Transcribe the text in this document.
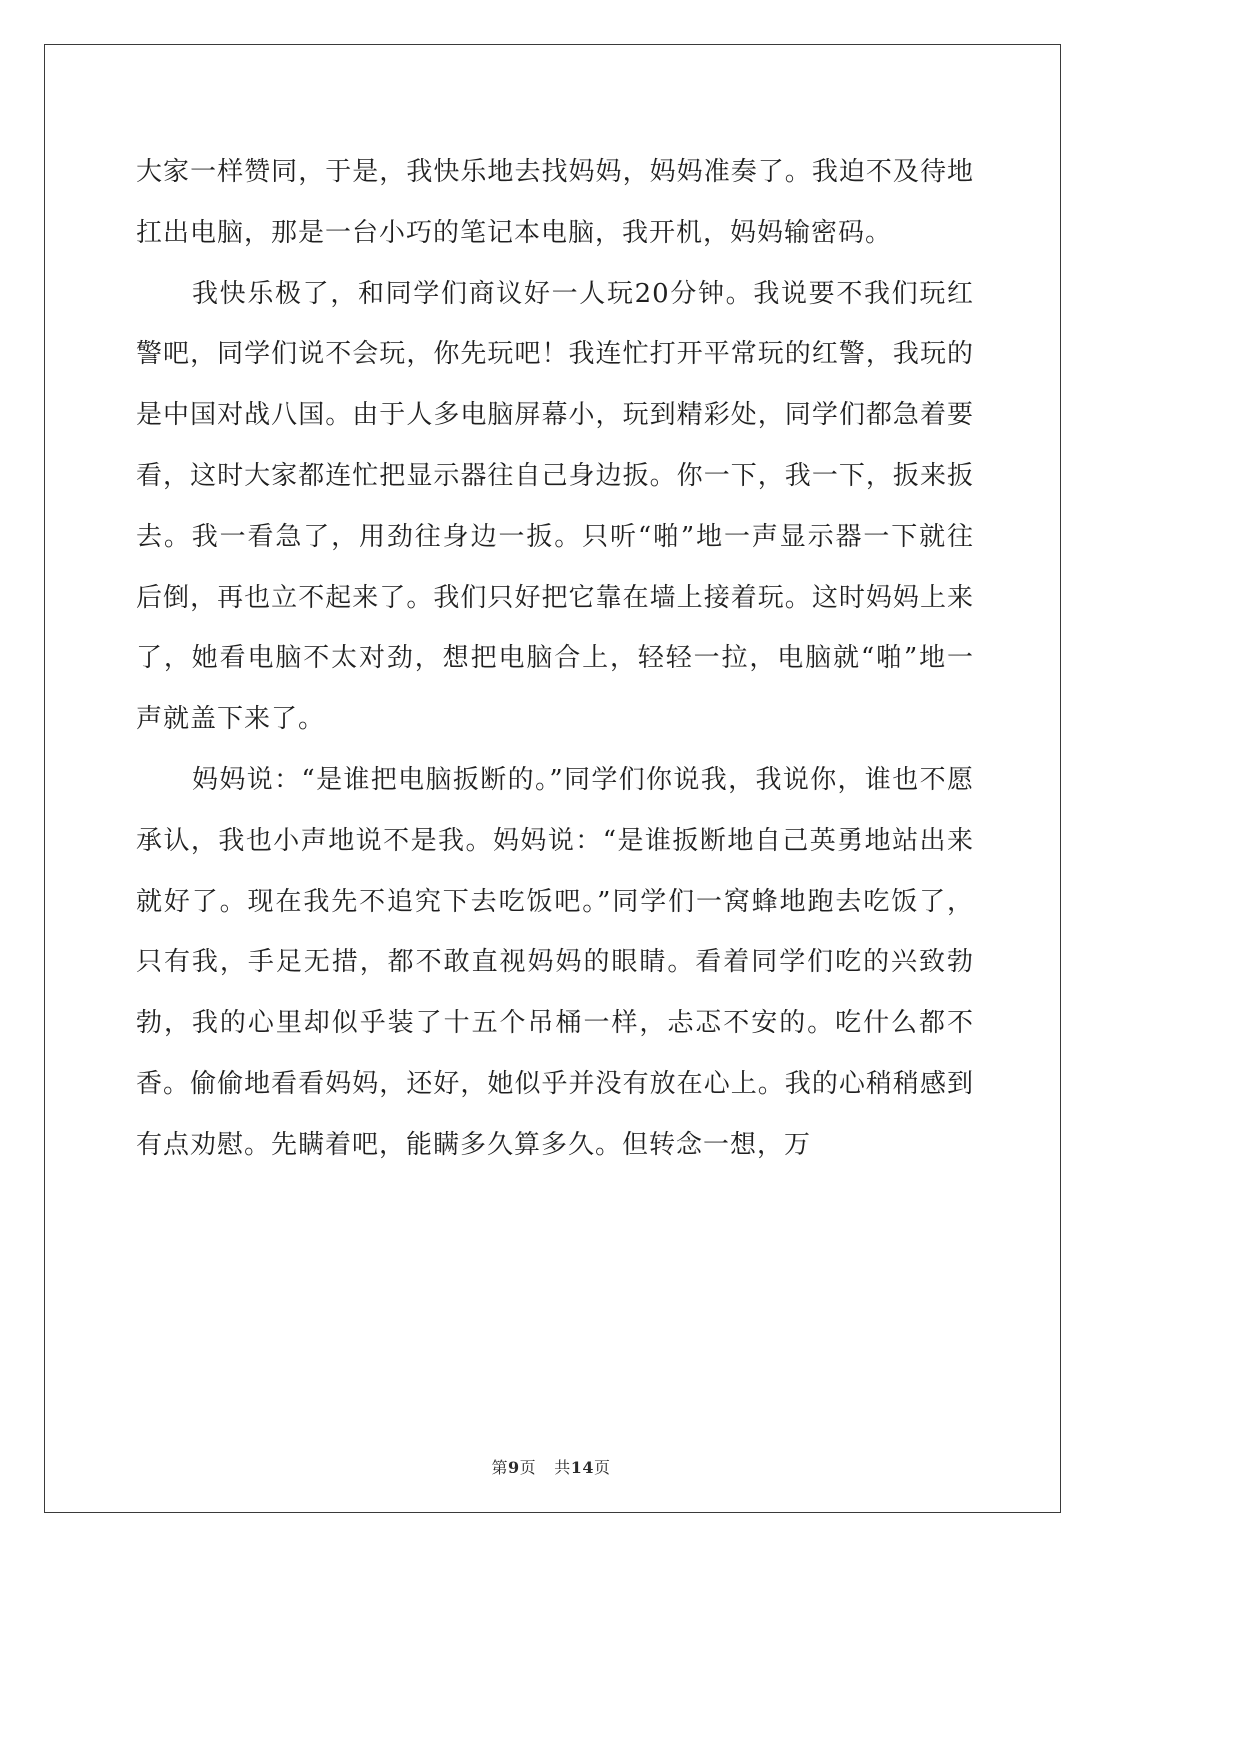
大家一样赞同，于是，我快乐地去找妈妈，妈妈准奏了。我迫不及待地扛出电脑，那是一台小巧的笔记本电脑，我开机，妈妈输密码。

我快乐极了，和同学们商议好一人玩20分钟。我说要不我们玩红警吧，同学们说不会玩，你先玩吧！我连忙打开平常玩的红警，我玩的是中国对战八国。由于人多电脑屏幕小，玩到精彩处，同学们都急着要看，这时大家都连忙把显示器往自己身边扳。你一下，我一下，扳来扳去。我一看急了，用劲往身边一扳。只听“啪”地一声显示器一下就往后倒，再也立不起来了。我们只好把它靠在墙上接着玩。这时妈妈上来了，她看电脑不太对劲，想把电脑合上，轻轻一拉，电脑就“啪”地一声就盖下来了。

妈妈说：“是谁把电脑扳断的。”同学们你说我，我说你，谁也不愿承认，我也小声地说不是我。妈妈说：“是谁扳断地自己英勇地站出来就好了。现在我先不追究下去吃饭吧。”同学们一窝蜂地跑去吃饭了，只有我，手足无措，都不敢直视妈妈的眼睛。看着同学们吃的兴致勃勃，我的心里却似乎装了十五个吊桶一样，忐忑不安的。吃什么都不香。偷偷地看看妈妈，还好，她似乎并没有放在心上。我的心稍稍感到有点劝慰。先瞒着吧，能瞒多久算多久。但转念一想，万

第9页 共14页
